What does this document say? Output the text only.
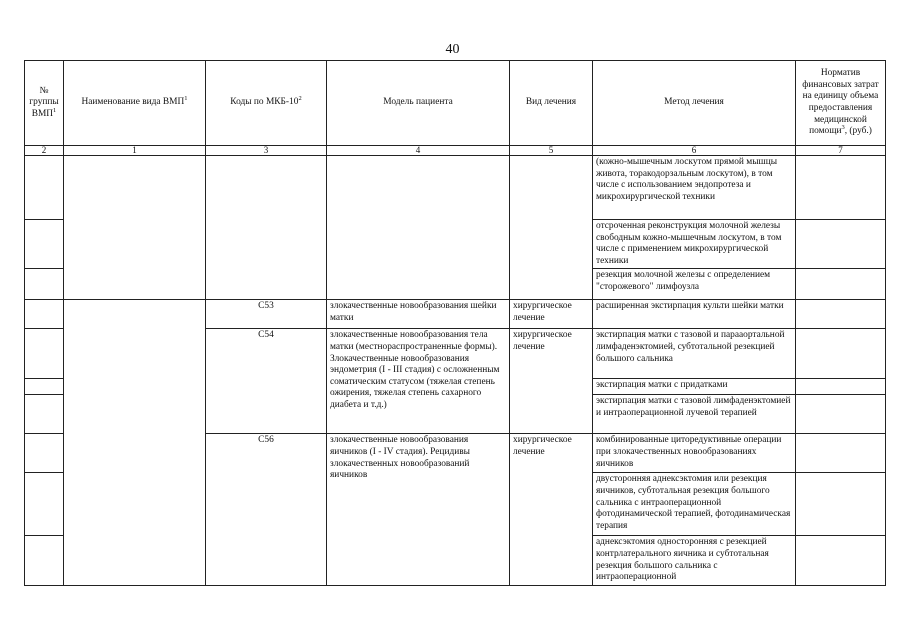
40
№ группы ВМП$^1$	Наименование вида ВМП$^1$	Коды по МКБ-$10^2$	Модель пациента	Вид лечения	Метод лечения	Норматив финансовых затрат на единицу объема предоставления медицинской помощи$^3$, (руб.)
2	1	3	4	5	6	7
					(кожно-мышечным лоскутом прямой мышцы живота, торакодорзальным лоскутом), в том числе с использованием эндопротеза и микрохирургической техники	
					отсроченная реконструкция молочной железы свободным кожно-мышечным лоскутом, в том числе с применением микрохирургической техники	
					резекция молочной железы с определением "сторожевого" лимфоузла	
		C53	злокачественные новообразования шейки матки	хирургическое лечение	расширенная экстирпация культи шейки матки	
		C54	злокачественные новообразования тела матки (местнораспространенные формы). Злокачественные новообразования эндометрия (I - III стадия) с осложненным соматическим статусом (тяжелая степень ожирения, тяжелая степень сахарного диабета и т.д.)	хирургическое лечение	экстирпация матки с тазовой и парааортальной лимфаденэктомией, субтотальной резекцией большого сальника	
					экстирпация матки с придатками	
					экстирпация матки с тазовой лимфаденэктомией и интраоперационной лучевой терапией	
		C56	злокачественные новообразования яичников (I - IV стадия). Рецидивы злокачественных новообразований яичников	хирургическое лечение	комбинированные циторедуктивные операции при злокачественных новообразованиях яичников	
					двусторонняя аднексэктомия или резекция яичников, субтотальная резекция большого сальника с интраоперационной фотодинамической терапией, фотодинамическая терапия	
					аднексэктомия односторонняя с резекцией контрлатерального яичника и субтотальная резекция большого сальника с интраоперационной	
